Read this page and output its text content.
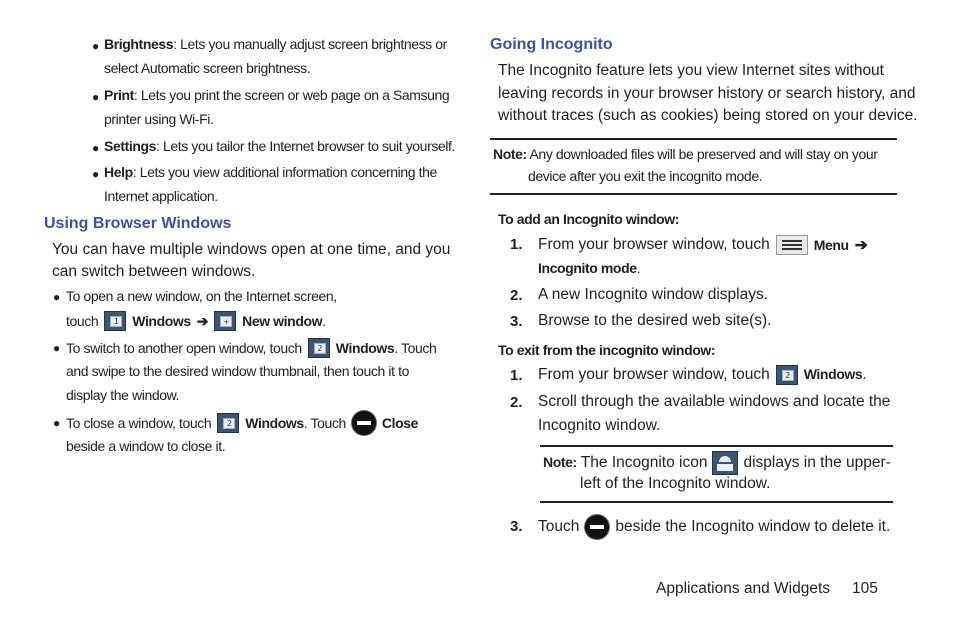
● Brightness: Lets you manually adjust screen brightness or
select Automatic screen brightness.
● Print: Lets you print the screen or web page on a Samsung
printer using Wi-Fi.
● Settings: Lets you tailor the Internet browser to suit yourself.
● Help: Lets you view additional information concerning the
Internet application.
Using Browser Windows
You can have multiple windows open at one time, and you
can switch between windows.
● To open a new window, on the Internet screen,
touch	1 Windows ➔	+ New window.
● To switch to another open window, touch	2 Windows. Touch
and swipe to the desired window thumbnail, then touch it to
display the window.
● To close a window, touch	2 Windows. Touch	Close
beside a window to close it.
Going Incognito
The Incognito feature lets you view Internet sites without
leaving records in your browser history or search history, and
without traces (such as cookies) being stored on your device.
Note: Any downloaded files will be preserved and will stay on your
device after you exit the incognito mode.
To add an Incognito window:
1. From your browser window, touch	Menu ➔
Incognito mode.
2. A new Incognito window displays.
3. Browse to the desired web site(s).
To exit from the incognito window:
1. From your browser window, touch	2 Windows.
2. Scroll through the available windows and locate the
Incognito window.
Note: The Incognito icon displays in the upper-
left of the Incognito window.
3. Touch beside the Incognito window to delete it.
Applications and Widgets 105
